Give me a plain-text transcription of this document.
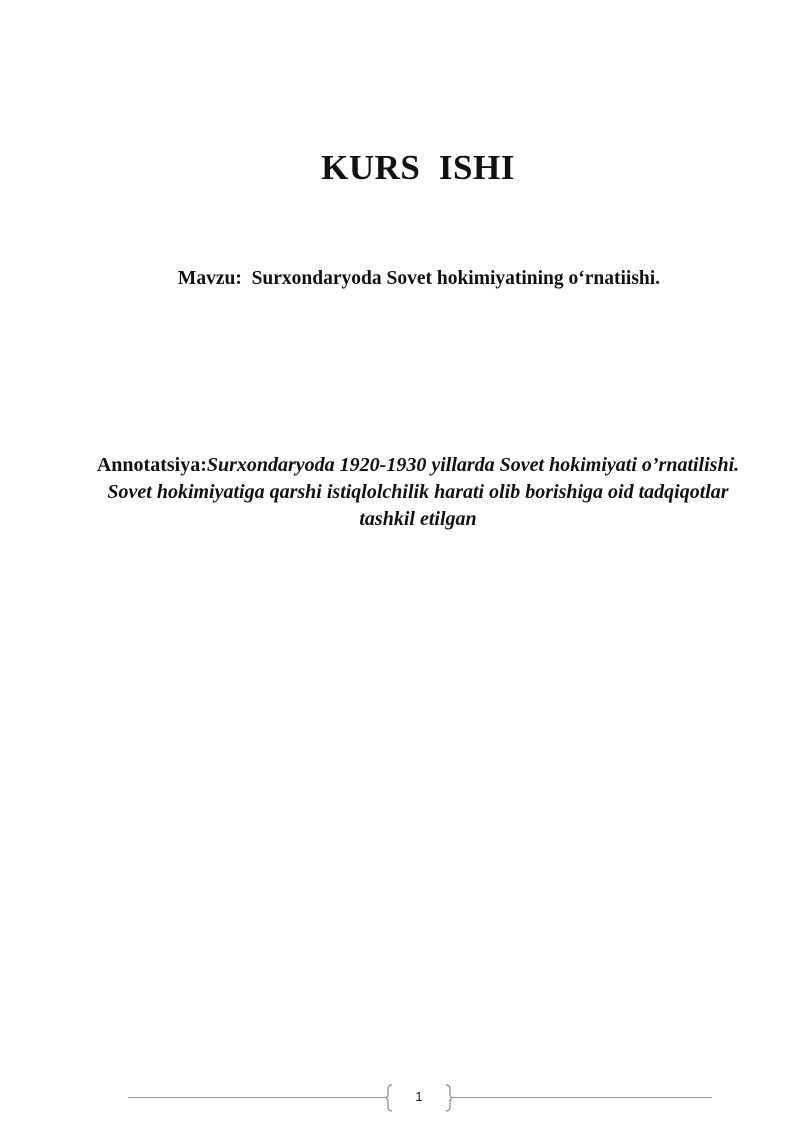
KURS  ISHI
Mavzu:  Surxondaryoda Sovet hokimiyatining o‘rnatiishi.
Annotatsiya:Surxondaryoda 1920-1930 yillarda Sovet hokimiyati o’rnatilishi. Sovet hokimiyatiga qarshi istiqlolchilik harati olib borishiga oid tadqiqotlar tashkil etilgan
1
